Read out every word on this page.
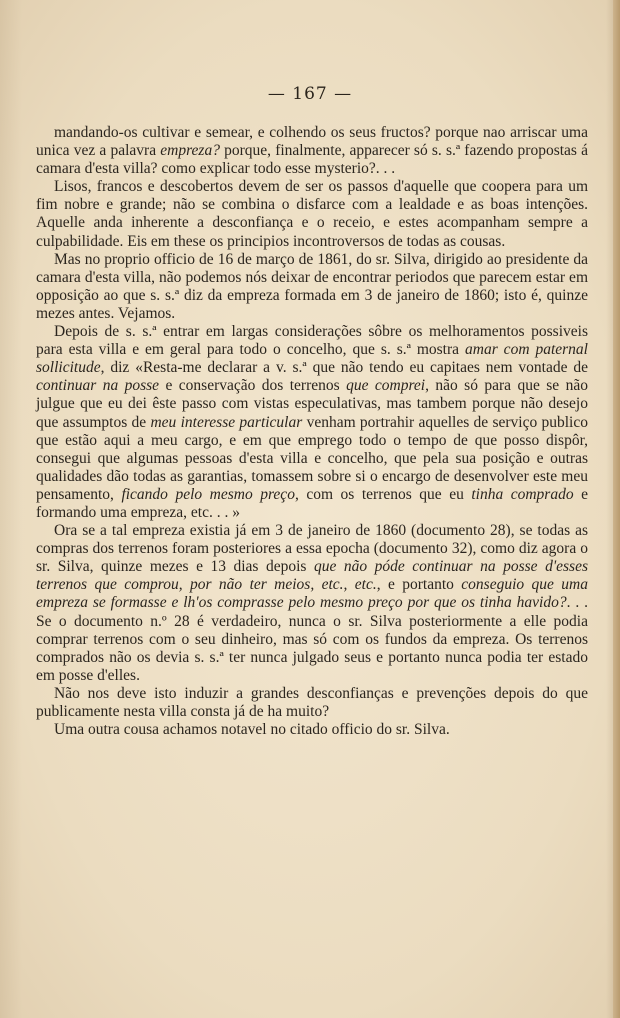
— 167 —

mandando-os cultivar e semear, e colhendo os seus fructos? porque nao arriscar uma unica vez a palavra empreza? porque, finalmente, apparecer só s. s.ª fazendo propostas á camara d'esta villa? como explicar todo esse mysterio?. . .

Lisos, francos e descobertos devem de ser os passos d'aquelle que coopera para um fim nobre e grande; não se combina o disfarce com a lealdade e as boas intenções. Aquelle anda inherente a desconfiança e o receio, e estes acompanham sempre a culpabilidade. Eis em these os principios incontroversos de todas as cousas.

Mas no proprio officio de 16 de março de 1861, do sr. Silva, dirigido ao presidente da camara d'esta villa, não podemos nós deixar de encontrar periodos que parecem estar em opposição ao que s. s.ª diz da empreza formada em 3 de janeiro de 1860; isto é, quinze mezes antes. Vejamos.

Depois de s. s.ª entrar em largas considerações sôbre os melhoramentos possiveis para esta villa e em geral para todo o concelho, que s. s.ª mostra amar com paternal sollicitude, diz «Resta-me declarar a v. s.ª que não tendo eu capitaes nem vontade de continuar na posse e conservação dos terrenos que comprei, não só para que se não julgue que eu dei êste passo com vistas especulativas, mas tambem porque não desejo que assumptos de meu interesse particular venham portrahir aquelles de serviço publico que estão aqui a meu cargo, e em que emprego todo o tempo de que posso dispôr, consegui que algumas pessoas d'esta villa e concelho, que pela sua posição e outras qualidades dão todas as garantias, tomassem sobre si o encargo de desenvolver este meu pensamento, ficando pelo mesmo preço, com os terrenos que eu tinha comprado e formando uma empreza, etc. . . »

Ora se a tal empreza existia já em 3 de janeiro de 1860 (documento 28), se todas as compras dos terrenos foram posteriores a essa epocha (documento 32), como diz agora o sr. Silva, quinze mezes e 13 dias depois que não póde continuar na posse d'esses terrenos que comprou, por não ter meios, etc., etc., e portanto conseguio que uma empreza se formasse e lh'os comprasse pelo mesmo preço por que os tinha havido?. . . Se o documento n.º 28 é verdadeiro, nunca o sr. Silva posteriormente a elle podia comprar terrenos com o seu dinheiro, mas só com os fundos da empreza. Os terrenos comprados não os devia s. s.ª ter nunca julgado seus e portanto nunca podia ter estado em posse d'elles.

Não nos deve isto induzir a grandes desconfianças e prevenções depois do que publicamente nesta villa consta já de ha muito?

Uma outra cousa achamos notavel no citado officio do sr. Silva.
